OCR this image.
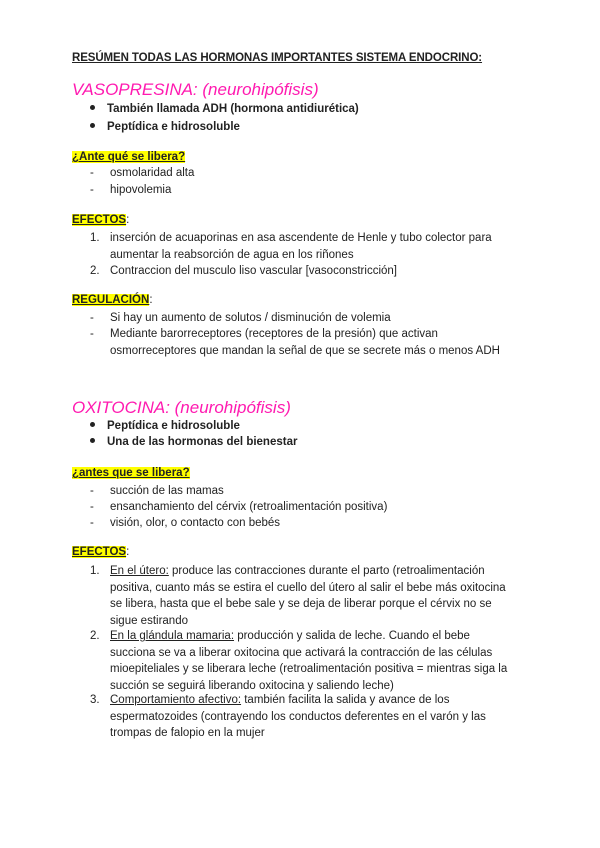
RESÚMEN TODAS LAS HORMONAS IMPORTANTES SISTEMA ENDOCRINO:
VASOPRESINA: (neurohipófisis)
También llamada ADH (hormona antidiurética)
Peptídica e hidrosoluble
¿Ante qué se libera?
- osmolaridad alta
- hipovolemia
EFECTOS:
1. inserción de acuaporinas en asa ascendente de Henle y tubo colector para
aumentar la reabsorción de agua en los riñones
2. Contraccion del musculo liso vascular [vasoconstricción]
REGULACIÓN:
- Si hay un aumento de solutos / disminución de volemia
- Mediante barorreceptores (receptores de la presión) que activan
osmorreceptores que mandan la señal de que se secrete más o menos ADH
OXITOCINA: (neurohipófisis)
Peptídica e hidrosoluble
Una de las hormonas del bienestar
¿antes que se libera?
- succión de las mamas
- ensanchamiento del cérvix (retroalimentación positiva)
- visión, olor, o contacto con bebés
EFECTOS:
1. En el útero: produce las contracciones durante el parto (retroalimentación
positiva, cuanto más se estira el cuello del útero al salir el bebe más oxitocina
se libera, hasta que el bebe sale y se deja de liberar porque el cérvix no se
sigue estirando
2. En la glándula mamaria: producción y salida de leche. Cuando el bebe
succiona se va a liberar oxitocina que activará la contracción de las células
mioepiteliales y se liberara leche (retroalimentación positiva = mientras siga la
succión se seguirá liberando oxitocina y saliendo leche)
3. Comportamiento afectivo: también facilita la salida y avance de los
espermatozoides (contrayendo los conductos deferentes en el varón y las
trompas de falopio en la mujer
